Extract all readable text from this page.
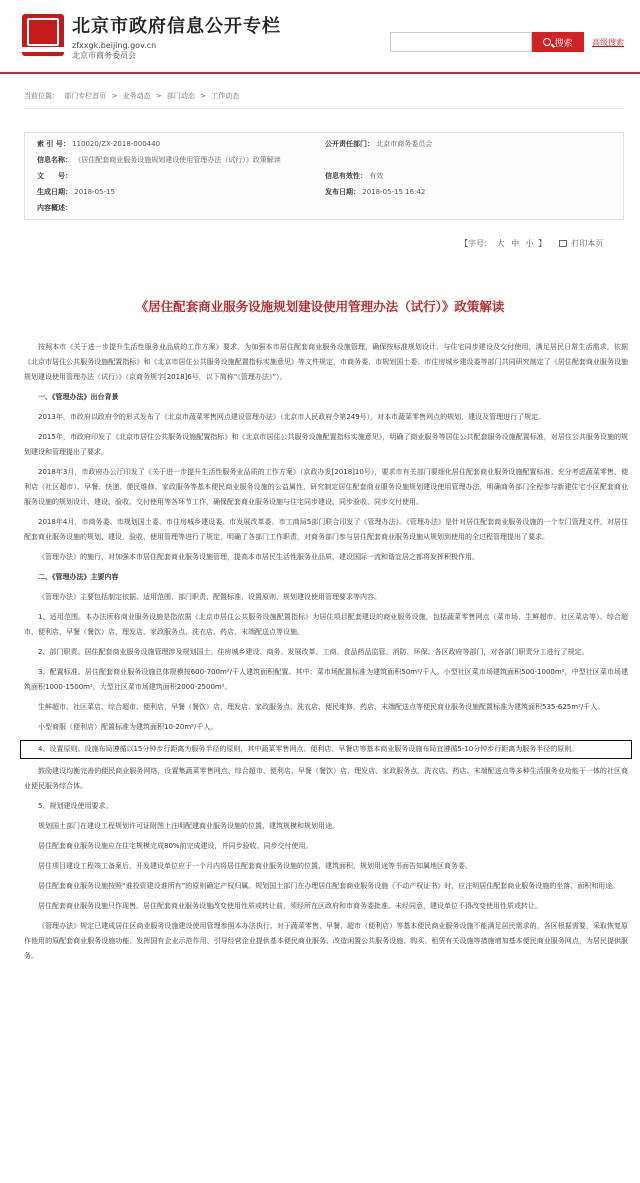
北京市政府信息公开专栏
zfxxgk.beijing.gov.cn
北京市商务委员会
搜索 高级搜索
当前位置： 部门专栏首页 > 业务动态 > 部门动态 > 工作动态
索 引 号： 110020/ZX-2018-000440	公开责任部门： 北京市商务委员会
信息名称： 《居住配套商业服务设施规划建设使用管理办法（试行）》政策解读
文　　号：	信息有效性： 有效
生成日期： 2018-05-15	发布日期： 2018-05-15 16:42
内容概述：
【字号： 大 中 小 】	打印本页
《居住配套商业服务设施规划建设使用管理办法（试行）》政策解读

按照本市《关于进一步提升生活性服务业品质的工作方案》要求，为加强本市居住配套商业服务设施管理，确保按标准规划设计、与住宅同步建设及交付使用，满足居民日常生活需求，依据《北京市居住公共服务设施配置指标》和《北京市居住公共服务设施配置指标实施意见》等文件规定，市商务委、市规划国土委、市住房城乡建设委等部门共同研究制定了《居住配套商业服务设施规划建设使用管理办法（试行）》（京商务规字[2018]6号，以下简称“《管理办法》”）。

一、《管理办法》出台背景

2013年，市政府以政府令的形式发布了《北京市蔬菜零售网点建设管理办法》（北京市人民政府令第249号），对本市蔬菜零售网点的规划、建设及管理进行了规定。

2015年，市政府印发了《北京市居住公共服务设施配置指标》和《北京市居住公共服务设施配置指标实施意见》，明确了商业服务等居住公共配套服务设施配置标准，对居住公共服务设施的规划建设和管理提出了要求。

2018年3月，市政府办公厅印发了《关于进一步提升生活性服务业品质的工作方案》（京政办发[2018]10号），要求市有关部门要细化居住配套商业服务设施配置标准；充分考虑蔬菜零售、便利店（社区超市）、早餐、快递、便民维修、家政服务等基本便民商业服务设施的公益属性，研究制定居住配套商业服务设施规划建设使用管理办法，明确商务部门全程参与新建住宅小区配套商业服务设施的规划设计、建设、验收、交付使用等各环节工作，确保配套商业服务设施与住宅同步建设、同步验收、同步交付使用。

2018年4月，市商务委、市规划国土委、市住房城乡建设委、市发展改革委、市工商局5部门联合印发了《管理办法》。《管理办法》是针对居住配套商业服务设施的一个专门管理文件，对居住配套商业服务设施的规划、建设、验收、使用管理等进行了规定，明确了各部门工作职责，对商务部门参与居住配套商业服务设施从规划到使用的全过程管理提出了要求。

《管理办法》的施行，对加强本市居住配套商业服务设施管理，提高本市居民生活性服务业品质，建设国际一流和谐宜居之都将发挥积极作用。

二、《管理办法》主要内容

《管理办法》主要包括制定依据、适用范围、部门职责、配置标准、设置原则、规划建设使用管理要求等内容。

1、适用范围。本办法所称商业服务设施是指依据《北京市居住公共服务设施配置指标》为居住项目配套建设的商业服务设施，包括蔬菜零售网点（菜市场、生鲜超市、社区菜店等）、综合超市、便利店、早餐（餐饮）店、理发店、家政服务点、洗衣店、药店、末端配送点等设施。

2、部门职责。居住配套商业服务设施管理涉及规划国土、住房城乡建设、商务、发展改革、工商、食品药品监管、消防、环保、各区政府等部门，对各部门职责分工进行了规定。

3、配置标准。居住配套商业服务设施总体规模按600-700m²/千人建筑面积配置。其中：菜市场配置标准为建筑面积50m²/千人。小型社区菜市场建筑面积500-1000m²，中型社区菜市场建筑面积1000-1500m²，大型社区菜市场建筑面积2000-2500m²。

生鲜超市、社区菜店、综合超市、便利店、早餐（餐饮）店、理发店、家政服务点、洗衣店、便民维修、药店、末端配送点等便民商业服务设施配置标准为建筑面积535-625m²/千人。

小型商服（便利店）配置标准为建筑面积10-20m²/千人。

4、设置原则。设施布局遵循以15分钟步行距离为服务半径的原则，其中蔬菜零售网点、便利店、早餐店等基本商业服务设施布局宜遵循5-10分钟步行距离为服务半径的原则。

鼓励建设均衡完善的便民商业服务网络，设置集蔬菜零售网点、综合超市、便利店、早餐（餐饮）店、理发店、家政服务点、洗衣店、药店、末端配送点等多种生活服务业功能于一体的社区商业便民服务综合体。

5、规划建设使用要求。

规划国土部门在建设工程规划许可证附图上注明配建商业服务设施的位置、建筑规模和规划用途。

居住配套商业服务设施应在住宅规模完成80%前完成建设，并同步验收、同步交付使用。

居住项目建设工程竣工备案后，开发建设单位应于一个月内将居住配套商业服务设施的位置、建筑面积、规划用途等书面告知属地区商务委。

居住配套商业服务设施按照“谁投资建设谁所有”的原则确定产权归属。规划国土部门在办理居住配套商业服务设施《不动产权证书》时，应注明居住配套商业服务设施的坐落、面积和用途。

居住配套商业服务设施只作现售。居住配套商业服务设施改变使用性质或转让前，须经所在区政府和市商务委批准。未经同意，建设单位不得改变使用性质或转让。

《管理办法》规定已建成居住区商业服务设施建设使用管理参照本办法执行。对于蔬菜零售、早餐、超市（便利店）等基本便民商业服务设施不能满足居民需求的，各区根据需要，采取恢复原作他用的原配套商业服务设施功能、发挥国有企业示范作用、引导经营企业提供基本便民商业服务、改造闲置公共服务设施、购买、租赁有关设施等措施增加基本便民商业服务网点，为居民提供服务。
